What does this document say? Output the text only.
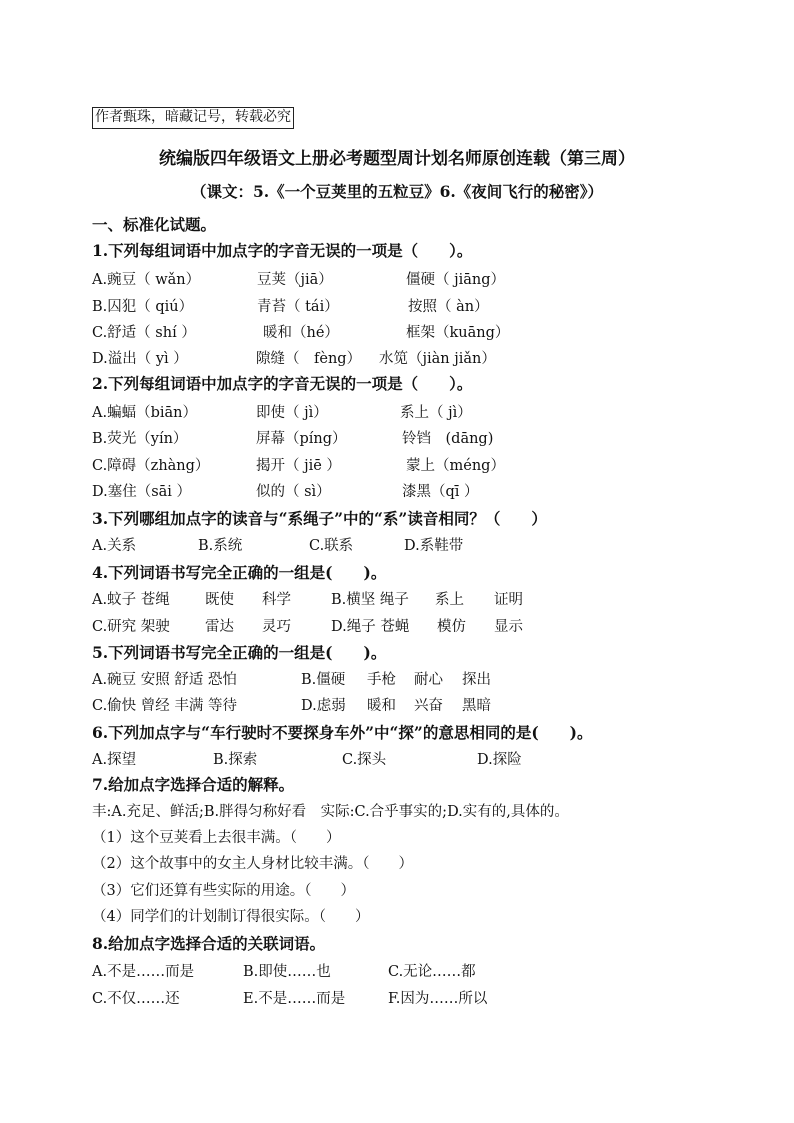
作者甄珠，暗藏记号，转载必究
统编版四年级语文上册必考题型周计划名师原创连载（第三周）
（课文：5.《一个豆荚里的五粒豆》6.《夜间飞行的秘密》）
一、标准化试题。
1.下列每组词语中加点字的字音无误的一项是（　　）。
A.豌豆（ wǎn）	豆荚（jiā）	僵硬（ jiāng）
B.囚犯（ qiú）	青苔（ tái）	按照（ àn）
C.舒适（ shí ）	暖和（hé）	框架（kuāng）
D.溢出（ yì ）	隙缝（　fèng） 水笕（jiàn jiǎn）
2.下列每组词语中加点字的字音无误的一项是（　　）。
A.蝙蝠（biān）	即使（ jì）	系上（ jì）
B.荧光（yín）	屏幕（píng）	铃铛　(dāng)
C.障碍（zhàng）	揭开（ jiē ）	蒙上（méng）
D.塞住（sāi ）	似的（ sì）	漆黑（qī ）
3.下列哪组加点字的读音与“系绳子”中的“系”读音相同？（　　）
A.关系	B.系统	C.联系	D.系鞋带
4.下列词语书写完全正确的一组是(　　)。
A.蚊子 苍绳 既使 科学	B.横坚 绳子 系上 证明
C.研究 架驶 雷达 灵巧	D.绳子 苍蝇 模仿 显示
5.下列词语书写完全正确的一组是(　　)。
A.碗豆 安照 舒适 恐怕	B.僵硬 手枪 耐心 探出
C.偷快 曾经 丰满 等待	D.虑弱 暖和 兴奋 黑暗
6.下列加点字与“车行驶时不要探身车外”中“探”的意思相同的是(　　)。
A.探望	B.探索	C.探头	D.探险
7.给加点字选择合适的解释。
丰:A.充足、鲜活;B.胖得匀称好看　实际:C.合乎事实的;D.实有的,具体的。
（1）这个豆荚看上去很丰满。（　　）
（2）这个故事中的女主人身材比较丰满。（　　）
（3）它们还算有些实际的用途。（　　）
（4）同学们的计划制订得很实际。（　　）
8.给加点字选择合适的关联词语。
A.不是……而是	B.即使……也	C.无论……都
C.不仅……还	E.不是……而是	F.因为……所以
